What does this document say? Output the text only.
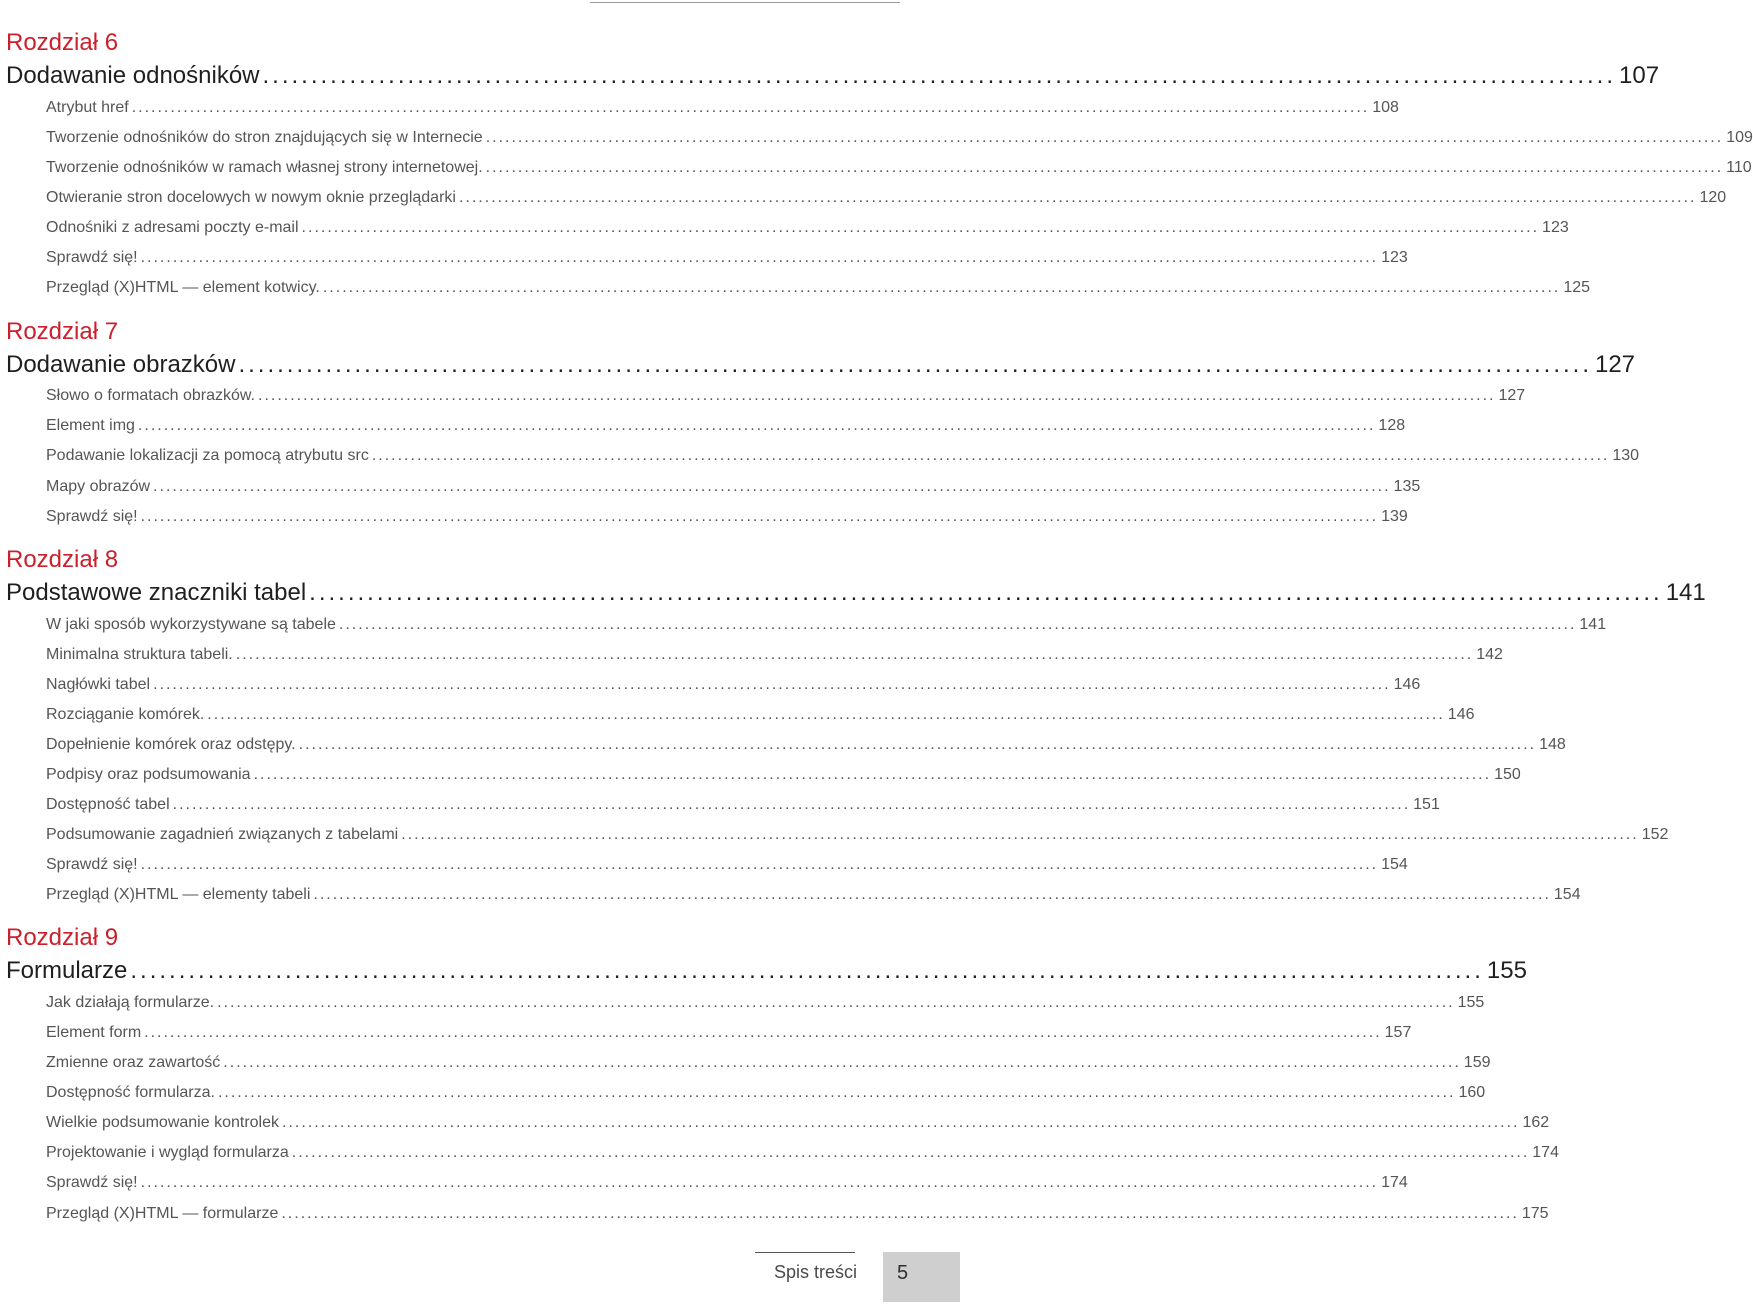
Rozdział 6
Dodawanie odnośników ............................................................................................................................................ 107
Atrybut href ................................................................................................................................................................................................ 108
Tworzenie odnośników do stron znajdujących się w Internecie ................................................................................................................................................................................................ 109
Tworzenie odnośników w ramach własnej strony internetowej. ................................................................................................................................................................................................ 110
Otwieranie stron docelowych w nowym oknie przeglądarki ................................................................................................................................................................................................ 120
Odnośniki z adresami poczty e-mail ................................................................................................................................................................................................ 123
Sprawdź się! ................................................................................................................................................................................................ 123
Przegląd (X)HTML — element kotwicy. ................................................................................................................................................................................................ 125
Rozdział 7
Dodawanie obrazków ............................................................................................................................................ 127
Słowo o formatach obrazków. ................................................................................................................................................................................................ 127
Element img ................................................................................................................................................................................................ 128
Podawanie lokalizacji za pomocą atrybutu src ................................................................................................................................................................................................ 130
Mapy obrazów ................................................................................................................................................................................................ 135
Sprawdź się! ................................................................................................................................................................................................ 139
Rozdział 8
Podstawowe znaczniki tabel ............................................................................................................................................ 141
W jaki sposób wykorzystywane są tabele ................................................................................................................................................................................................ 141
Minimalna struktura tabeli. ................................................................................................................................................................................................ 142
Nagłówki tabel ................................................................................................................................................................................................ 146
Rozciąganie komórek. ................................................................................................................................................................................................ 146
Dopełnienie komórek oraz odstępy. ................................................................................................................................................................................................ 148
Podpisy oraz podsumowania ................................................................................................................................................................................................ 150
Dostępność tabel ................................................................................................................................................................................................ 151
Podsumowanie zagadnień związanych z tabelami ................................................................................................................................................................................................ 152
Sprawdź się! ................................................................................................................................................................................................ 154
Przegląd (X)HTML — elementy tabeli ................................................................................................................................................................................................ 154
Rozdział 9
Formularze ............................................................................................................................................ 155
Jak działają formularze. ................................................................................................................................................................................................ 155
Element form ................................................................................................................................................................................................ 157
Zmienne oraz zawartość ................................................................................................................................................................................................ 159
Dostępność formularza. ................................................................................................................................................................................................ 160
Wielkie podsumowanie kontrolek ................................................................................................................................................................................................ 162
Projektowanie i wygląd formularza ................................................................................................................................................................................................ 174
Sprawdź się! ................................................................................................................................................................................................ 174
Przegląd (X)HTML — formularze ................................................................................................................................................................................................ 175
Spis treści 5
